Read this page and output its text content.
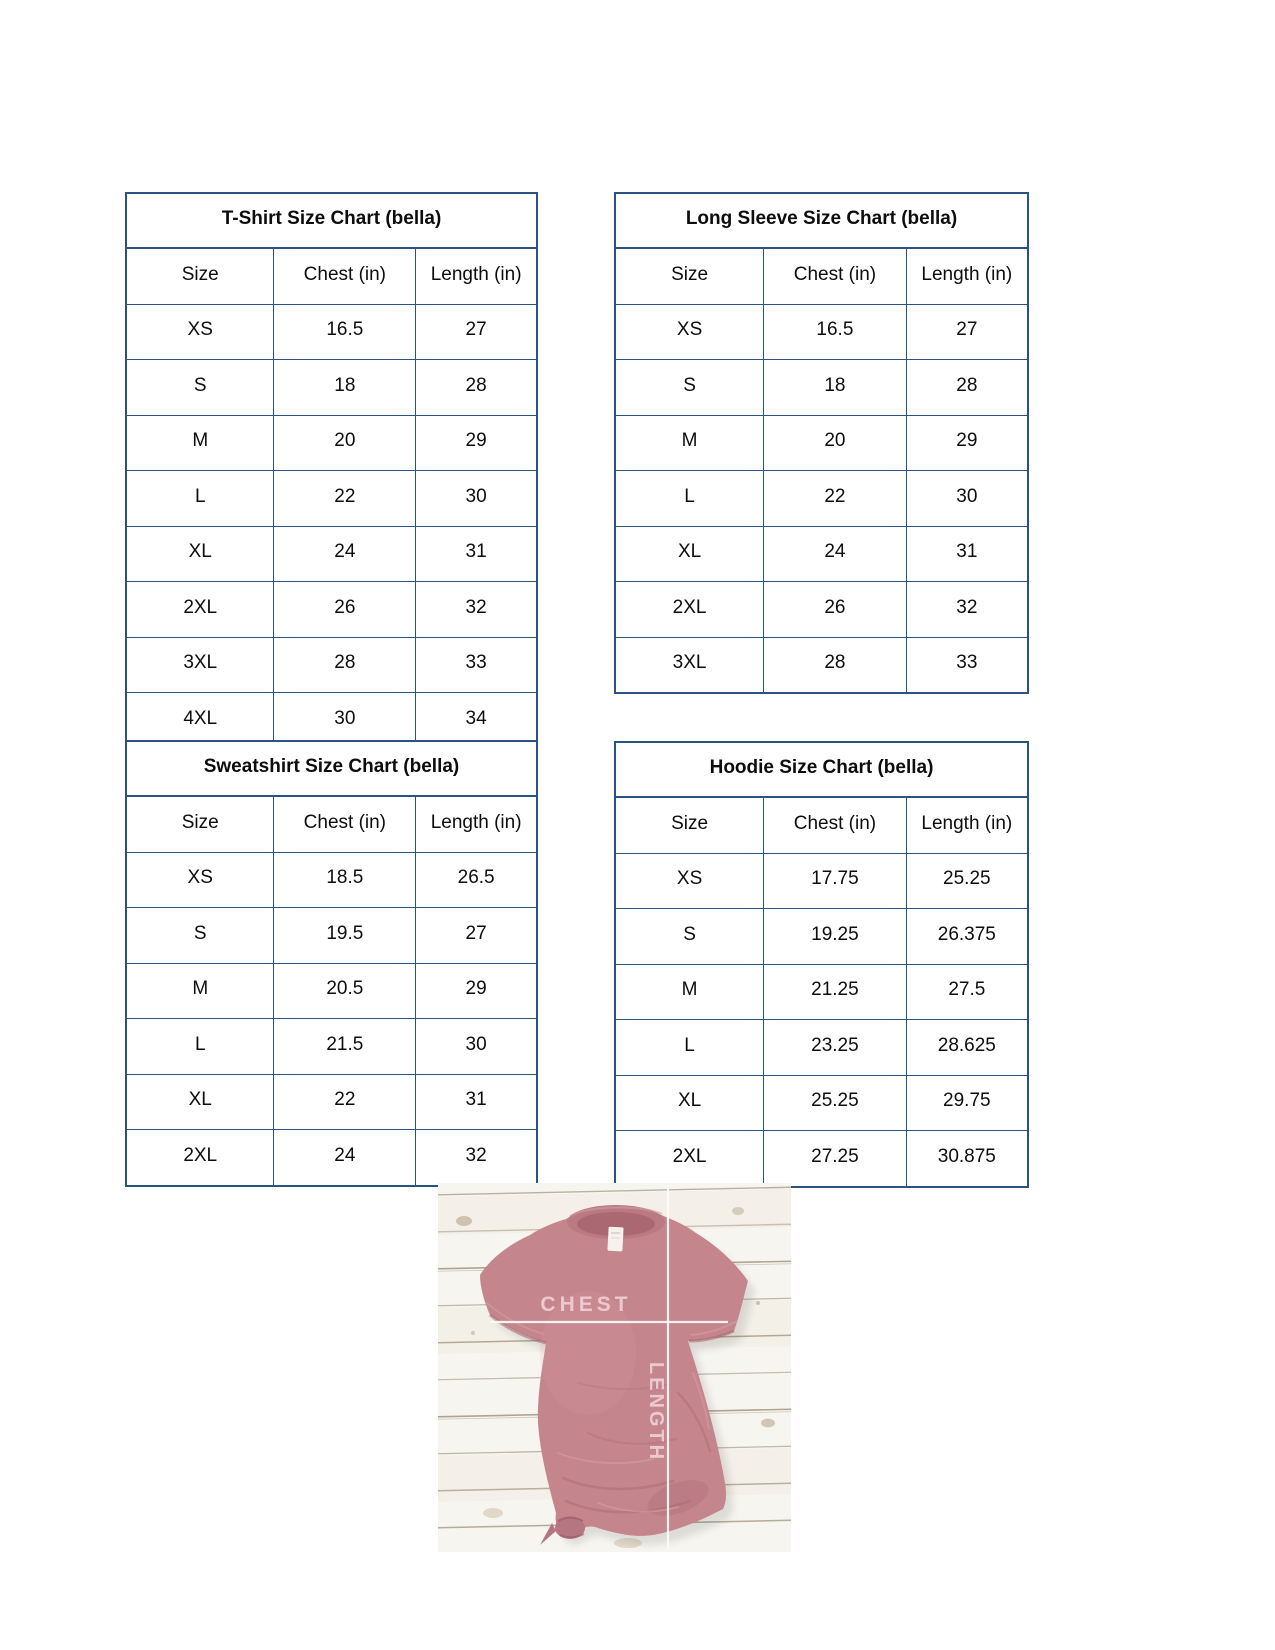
T-Shirt Size Chart (bella)		
Size	Chest (in)	Length (in)
XS	16.5	27
S	18	28
M	20	29
L	22	30
XL	24	31
2XL	26	32
3XL	28	33
4XL	30	34
Long Sleeve Size Chart (bella)		
Size	Chest (in)	Length (in)
XS	16.5	27
S	18	28
M	20	29
L	22	30
XL	24	31
2XL	26	32
3XL	28	33
Sweatshirt Size Chart (bella)		
Size	Chest (in)	Length (in)
XS	18.5	26.5
S	19.5	27
M	20.5	29
L	21.5	30
XL	22	31
2XL	24	32
Hoodie Size Chart (bella)		
Size	Chest (in)	Length (in)
XS	17.75	25.25
S	19.25	26.375
M	21.25	27.5
L	23.25	28.625
XL	25.25	29.75
2XL	27.25	30.875
CHEST
LENGTH
